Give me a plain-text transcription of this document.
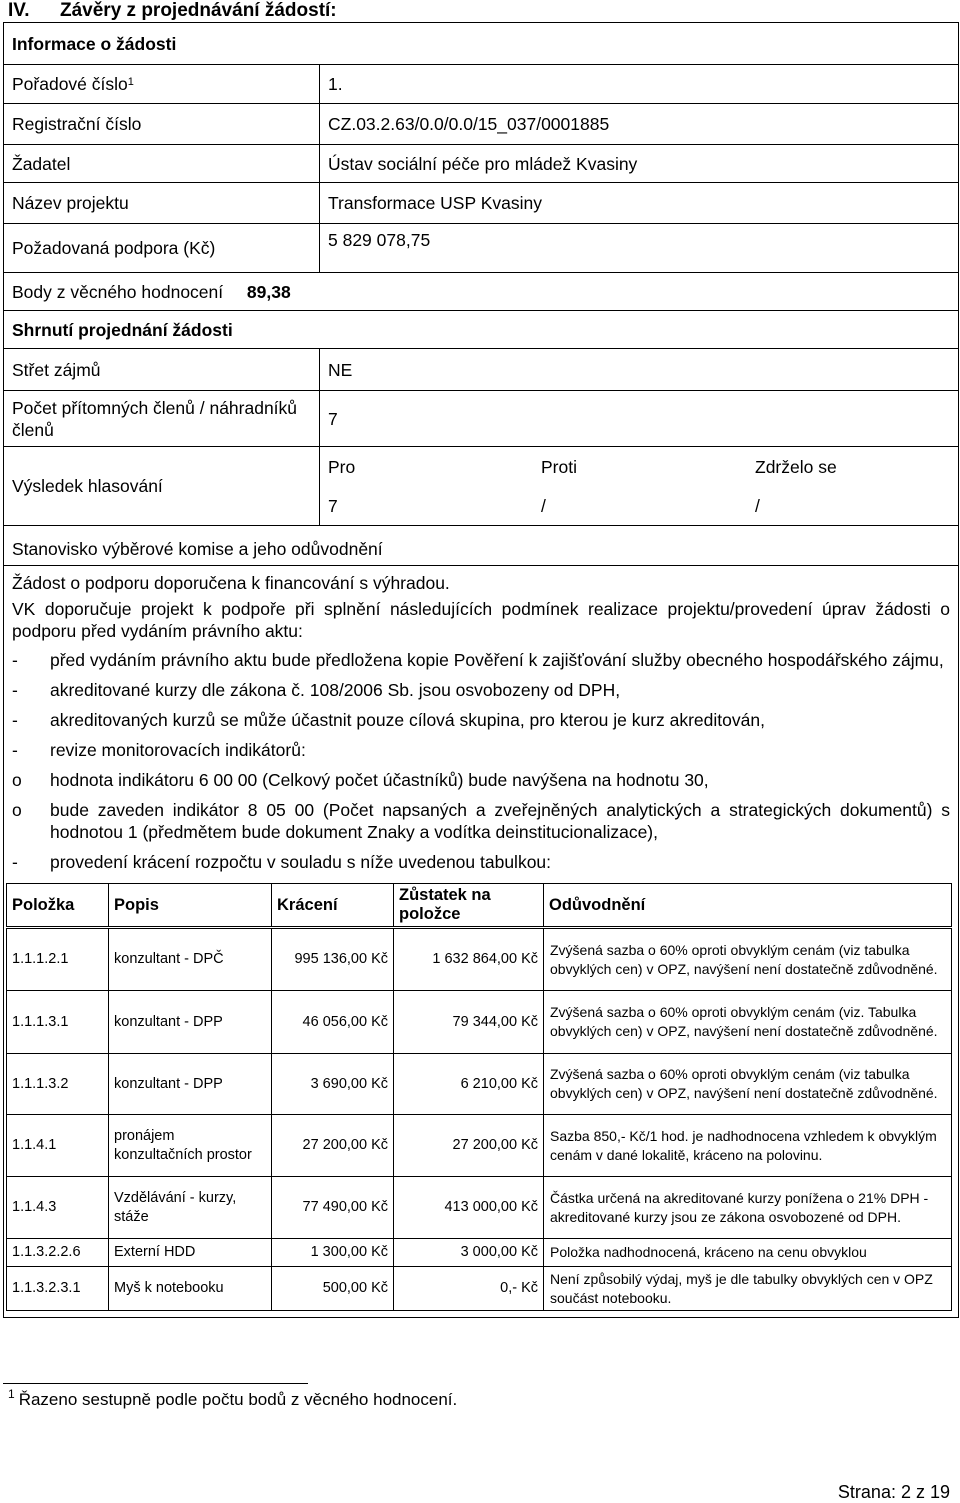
IV. Závěry z projednávání žádostí:
Informace o žádosti
Pořadové číslo$^1$	1.
Registrační číslo	CZ.03.2.63/0.0/0.0/15_037/0001885
Žadatel	Ústav sociální péče pro mládež Kvasiny
Název projektu	Transformace USP Kvasiny
Požadovaná podpora (Kč)	5 829 078,75
Body z věcného hodnocení 89,38
Shrnutí projednání žádosti
Střet zájmů	NE
Počet přítomných členů / náhradníků členů	7
Výsledek hlasování	
Pro	Proti	Zdrželo se
7	/	/

Stanovisko výběrové komise a jeho odůvodnění

Žádost o podporu doporučena k financování s výhradou.

VK doporučuje projekt k podpoře při splnění následujících podmínek realizace projektu/provedení úprav žádosti o podporu před vydáním právního aktu:

- před vydáním právního aktu bude předložena kopie Pověření k zajišťování služby obecného hospodářského zájmu,
- akreditované kurzy dle zákona č. 108/2006 Sb. jsou osvobozeny od DPH,
- akreditovaných kurzů se může účastnit pouze cílová skupina, pro kterou je kurz akreditován,
- revize monitorovacích indikátorů:
o hodnota indikátoru 6 00 00 (Celkový počet účastníků) bude navýšena na hodnotu 30,
o bude zaveden indikátor 8 05 00 (Počet napsaných a zveřejněných analytických a strategických dokumentů) s hodnotou 1 (předmětem bude dokument Znaky a vodítka deinstitucionalizace),
- provedení krácení rozpočtu v souladu s níže uvedenou tabulkou:
Položka	Popis	Krácení	Zůstatek na položce	Odůvodnění
1.1.1.2.1	konzultant - DPČ	995 136,00 Kč	1 632 864,00 Kč	Zvýšená sazba o 60% oproti obvyklým cenám (viz tabulka obvyklých cen) v OPZ, navýšení není dostatečně zdůvodněné.
1.1.1.3.1	konzultant - DPP	46 056,00 Kč	79 344,00 Kč	Zvýšená sazba o 60% oproti obvyklým cenám (viz. Tabulka obvyklých cen) v OPZ, navýšení není dostatečně zdůvodněné.
1.1.1.3.2	konzultant - DPP	3 690,00 Kč	6 210,00 Kč	Zvýšená sazba o 60% oproti obvyklým cenám (viz tabulka obvyklých cen) v OPZ, navýšení není dostatečně zdůvodněné.
1.1.4.1	pronájem konzultačních prostor	27 200,00 Kč	27 200,00 Kč	Sazba 850,- Kč/1 hod. je nadhodnocena vzhledem k obvyklým cenám v dané lokalitě, kráceno na polovinu.
1.1.4.3	Vzdělávání - kurzy, stáže	77 490,00 Kč	413 000,00 Kč	Částka určená na akreditované kurzy ponížena o 21% DPH - akreditované kurzy jsou ze zákona osvobozené od DPH.
1.1.3.2.2.6	Externí HDD	1 300,00 Kč	3 000,00 Kč	Položka nadhodnocená, kráceno na cenu obvyklou
1.1.3.2.3.1	Myš k notebooku	500,00 Kč	0,- Kč	Není způsobilý výdaj, myš je dle tabulky obvyklých cen v OPZ součást notebooku.
$^1$ Řazeno sestupně podle počtu bodů z věcného hodnocení.
Strana: 2 z 19
